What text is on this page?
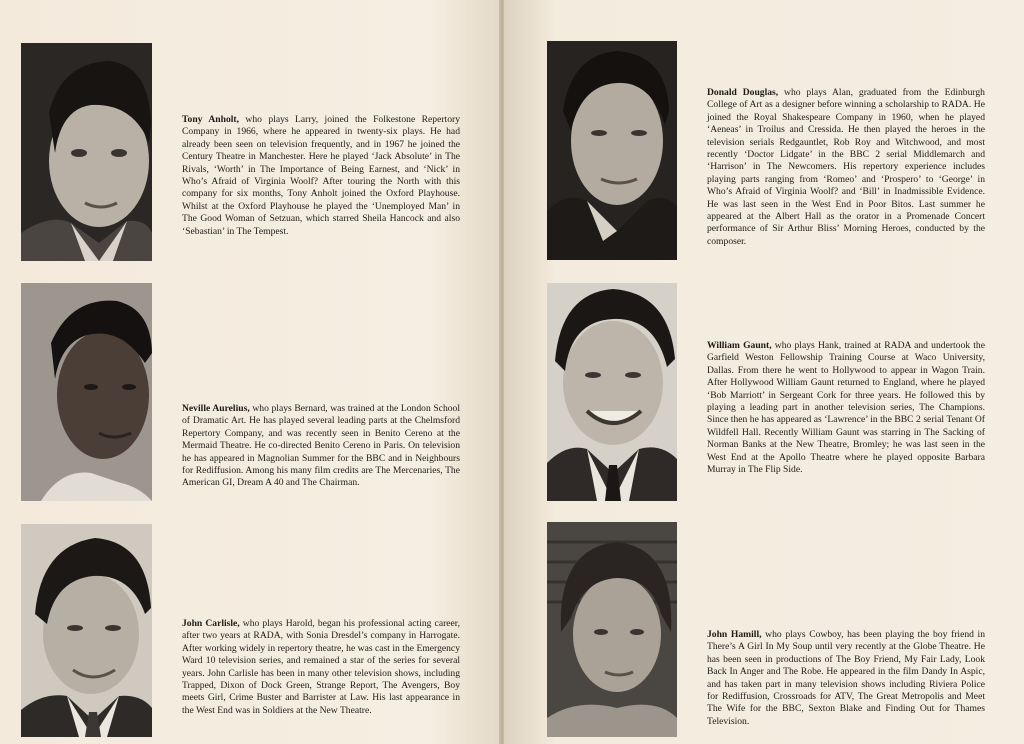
Tony Anholt, who plays Larry, joined the Folkestone Repertory Company in 1966, where he appeared in twenty-six plays. He had already been seen on television frequently, and in 1967 he joined the Century Theatre in Manchester. Here he played ‘Jack Absolute’ in The Rivals, ‘Worth’ in The Importance of Being Earnest, and ‘Nick’ in Who’s Afraid of Virginia Woolf? After touring the North with this company for six months, Tony Anholt joined the Oxford Playhouse. Whilst at the Oxford Playhouse he played the ‘Unemployed Man’ in The Good Woman of Setzuan, which starred Sheila Hancock and also ‘Sebastian’ in The Tempest.

Neville Aurelius, who plays Bernard, was trained at the London School of Dramatic Art. He has played several leading parts at the Chelmsford Repertory Company, and was recently seen in Benito Cereno at the Mermaid Theatre. He co-directed Benito Cereno in Paris. On television he has appeared in Magnolian Summer for the BBC and in Neighbours for Rediffusion. Among his many film credits are The Mercenaries, The American GI, Dream A 40 and The Chairman.

John Carlisle, who plays Harold, began his professional acting career, after two years at RADA, with Sonia Dresdel’s company in Harrogate. After working widely in repertory theatre, he was cast in the Emergency Ward 10 television series, and remained a star of the series for several years. John Carlisle has been in many other television shows, including Trapped, Dixon of Dock Green, Strange Report, The Avengers, Boy meets Girl, Crime Buster and Barrister at Law. His last appearance in the West End was in Soldiers at the New Theatre.

Donald Douglas, who plays Alan, graduated from the Edinburgh College of Art as a designer before winning a scholarship to RADA. He joined the Royal Shakespeare Company in 1960, when he played ‘Aeneas’ in Troilus and Cressida. He then played the heroes in the television serials Redgauntlet, Rob Roy and Witchwood, and most recently ‘Doctor Lidgate’ in the BBC 2 serial Middlemarch and ‘Harrison’ in The Newcomers. His repertory experience includes playing parts ranging from ‘Romeo’ and ‘Prospero’ to ‘George’ in Who’s Afraid of Virginia Woolf? and ‘Bill’ in Inadmissible Evidence. He was last seen in the West End in Poor Bitos. Last summer he appeared at the Albert Hall as the orator in a Promenade Concert performance of Sir Arthur Bliss’ Morning Heroes, conducted by the composer.

William Gaunt, who plays Hank, trained at RADA and undertook the Garfield Weston Fellowship Training Course at Waco University, Dallas. From there he went to Hollywood to appear in Wagon Train. After Hollywood William Gaunt returned to England, where he played ‘Bob Marriott’ in Sergeant Cork for three years. He followed this by playing a leading part in another television series, The Champions. Since then he has appeared as ‘Lawrence’ in the BBC 2 serial Tenant Of Wildfell Hall. Recently William Gaunt was starring in The Sacking of Norman Banks at the New Theatre, Bromley; he was last seen in the West End at the Apollo Theatre where he played opposite Barbara Murray in The Flip Side.

John Hamill, who plays Cowboy, has been playing the boy friend in There’s A Girl In My Soup until very recently at the Globe Theatre. He has been seen in productions of The Boy Friend, My Fair Lady, Look Back In Anger and The Robe. He appeared in the film Dandy In Aspic, and has taken part in many television shows including Riviera Police for Rediffusion, Crossroads for ATV, The Great Metropolis and Meet The Wife for the BBC, Sexton Blake and Finding Out for Thames Television.
